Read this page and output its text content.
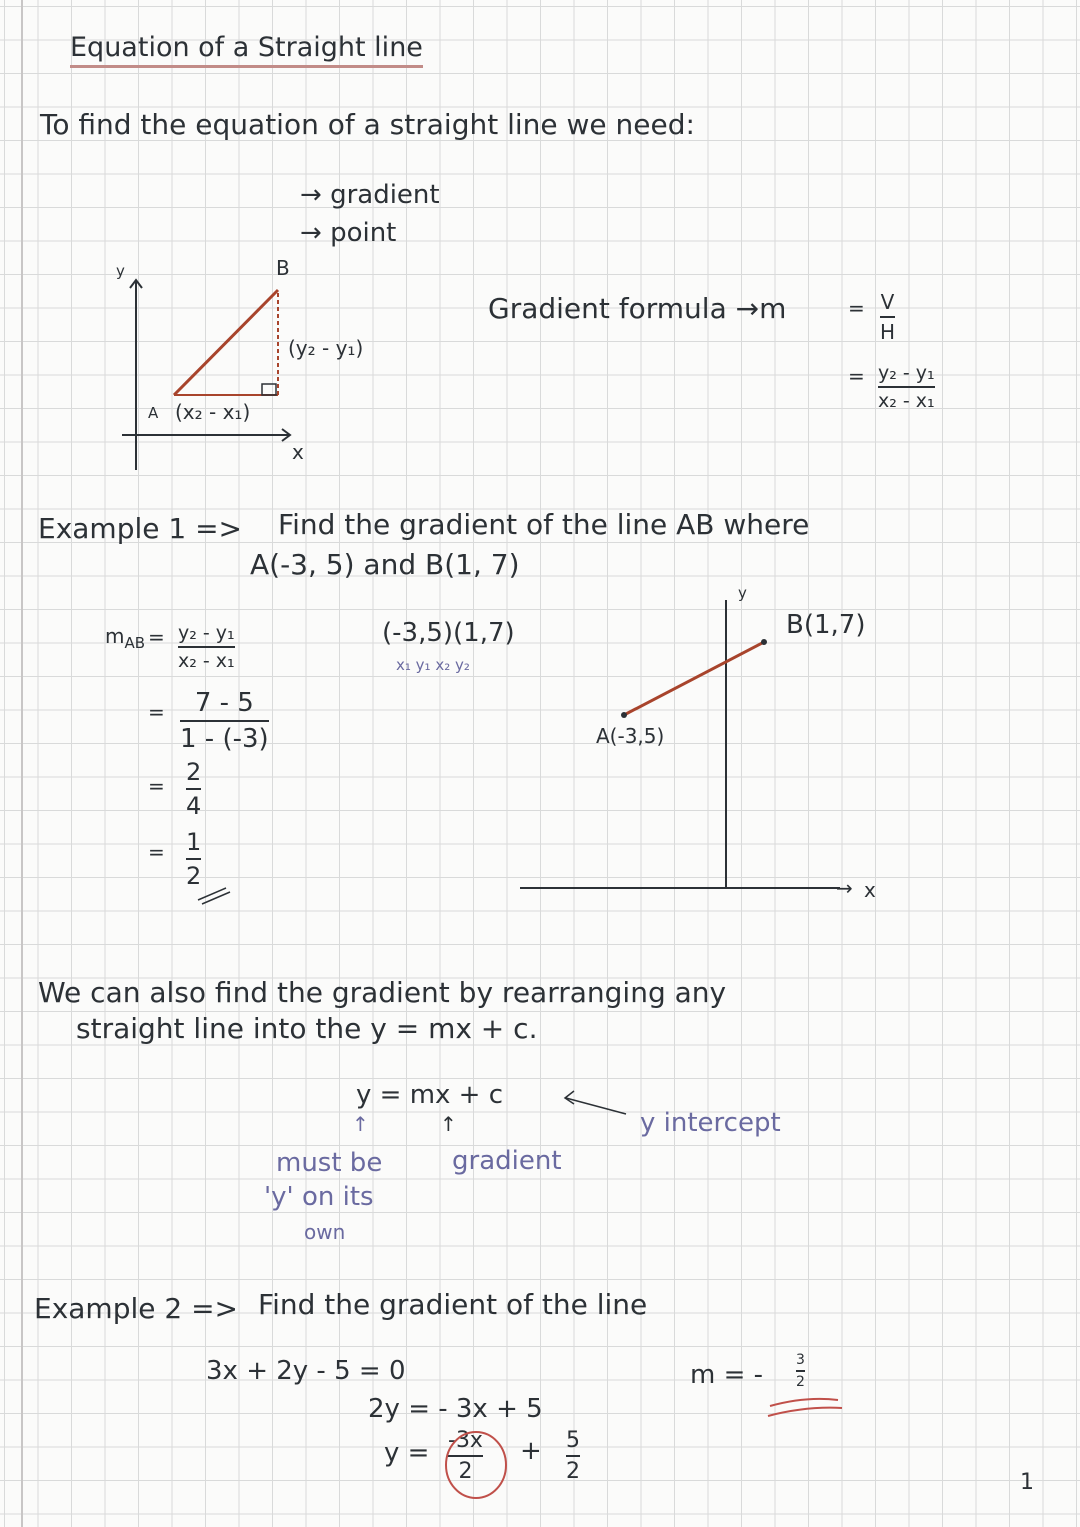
Equation of a Straight line
To find the equation of a straight line we need:
→ gradient
→ point
y	B
(y₂ - y₁)
A (x₂ - x₁)
x
Gradient formula →m	= V
H
= y₂ - y₁
x₂ - x₁
Example 1 => Find the gradient of the line AB where
A(-3, 5) and B(1, 7)
$m_{AB} = y_2 - y_1$
x₂ - x₁
= 7 - 5
1 - (-3)
= 2
4
= 1
2
(-3,5)(1,7)
x₁ y₁ x₂ y₂
y
B(1,7)
A(-3,5)
→ x
We can also find the gradient by rearranging any
straight line into the y = mx + c.
y = mx + c
↑	↑
must be
'y' on its
own
gradient
y intercept
Example 2 => Find the gradient of the line
3x + 2y - 5 = 0
2y = - 3x + 5
y = -3x
2
+ 5
2
m = - 3
2
1
